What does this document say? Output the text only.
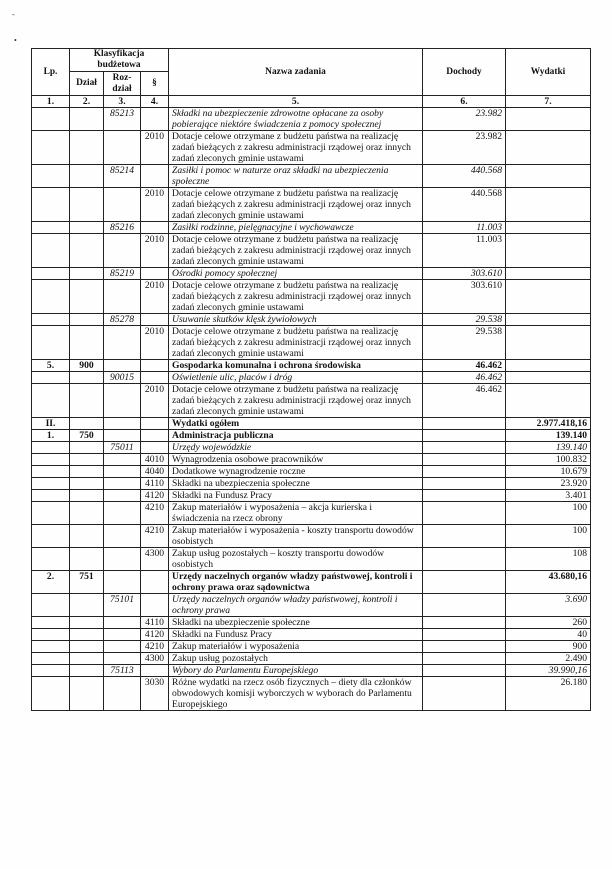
-
•
Lp.	Klasyfikacja budżetowa			Nazwa zadania	Dochody	Wydatki
	Dział	Roz-dział	§			

1.	2.	3.	4.	5.	6.	7.
		85213		Składki na ubezpieczenie zdrowotne opłacane za osoby pobierające niektóre świadczenia z pomocy społecznej	23.982	
			2010	Dotacje celowe otrzymane z budżetu państwa na realizację zadań bieżących z zakresu administracji rządowej oraz innych zadań zleconych gminie ustawami	23.982	
		85214		Zasiłki i pomoc w naturze oraz składki na ubezpieczenia społeczne	440.568	
			2010	Dotacje celowe otrzymane z budżetu państwa na realizację zadań bieżących z zakresu administracji rządowej oraz innych zadań zleconych gminie ustawami	440.568	
		85216		Zasiłki rodzinne, pielęgnacyjne i wychowawcze	11.003	
			2010	Dotacje celowe otrzymane z budżetu państwa na realizację zadań bieżących z zakresu administracji rządowej oraz innych zadań zleconych gminie ustawami	11.003	
		85219		Ośrodki pomocy społecznej	303.610	
			2010	Dotacje celowe otrzymane z budżetu państwa na realizację zadań bieżących z zakresu administracji rządowej oraz innych zadań zleconych gminie ustawami	303.610	
		85278		Usuwanie skutków klęsk żywiołowych	29.538	
			2010	Dotacje celowe otrzymane z budżetu państwa na realizację zadań bieżących z zakresu administracji rządowej oraz innych zadań zleconych gminie ustawami	29.538	
5.	900			Gospodarka komunalna i ochrona środowiska	46.462	
		90015		Oświetlenie ulic, placów i dróg	46.462	
			2010	Dotacje celowe otrzymane z budżetu państwa na realizację zadań bieżących z zakresu administracji rządowej oraz innych zadań zleconych gminie ustawami	46.462	
II.				Wydatki ogółem		2.977.418,16
1.	750			Administracja publiczna		139.140
		75011		Urzędy wojewódzkie		139.140
			4010	Wynagrodzenia osobowe pracowników		100.832
			4040	Dodatkowe wynagrodzenie roczne		10.679
			4110	Składki na ubezpieczenia społeczne		23.920
			4120	Składki na Fundusz Pracy		3.401
			4210	Zakup materiałów i wyposażenia – akcja kurierska i świadczenia na rzecz obrony		100
			4210	Zakup materiałów i wyposażenia - koszty transportu dowodów osobistych		100
			4300	Zakup usług pozostałych – koszty transportu dowodów osobistych		108
2.	751			Urzędy naczelnych organów władzy państwowej, kontroli i ochrony prawa oraz sądownictwa		43.680,16
		75101		Urzędy naczelnych organów władzy państwowej, kontroli i ochrony prawa		3.690
			4110	Składki na ubezpieczenie społeczne		260
			4120	Składki na Fundusz Pracy		40
			4210	Zakup materiałów i wyposażenia		900
			4300	Zakup usług pozostałych		2.490
		75113		Wybory do Parlamentu Europejskiego		39.990,16
			3030	Różne wydatki na rzecz osób fizycznych – diety dla członków obwodowych komisji wyborczych w wyborach do Parlamentu Europejskiego		26.180
